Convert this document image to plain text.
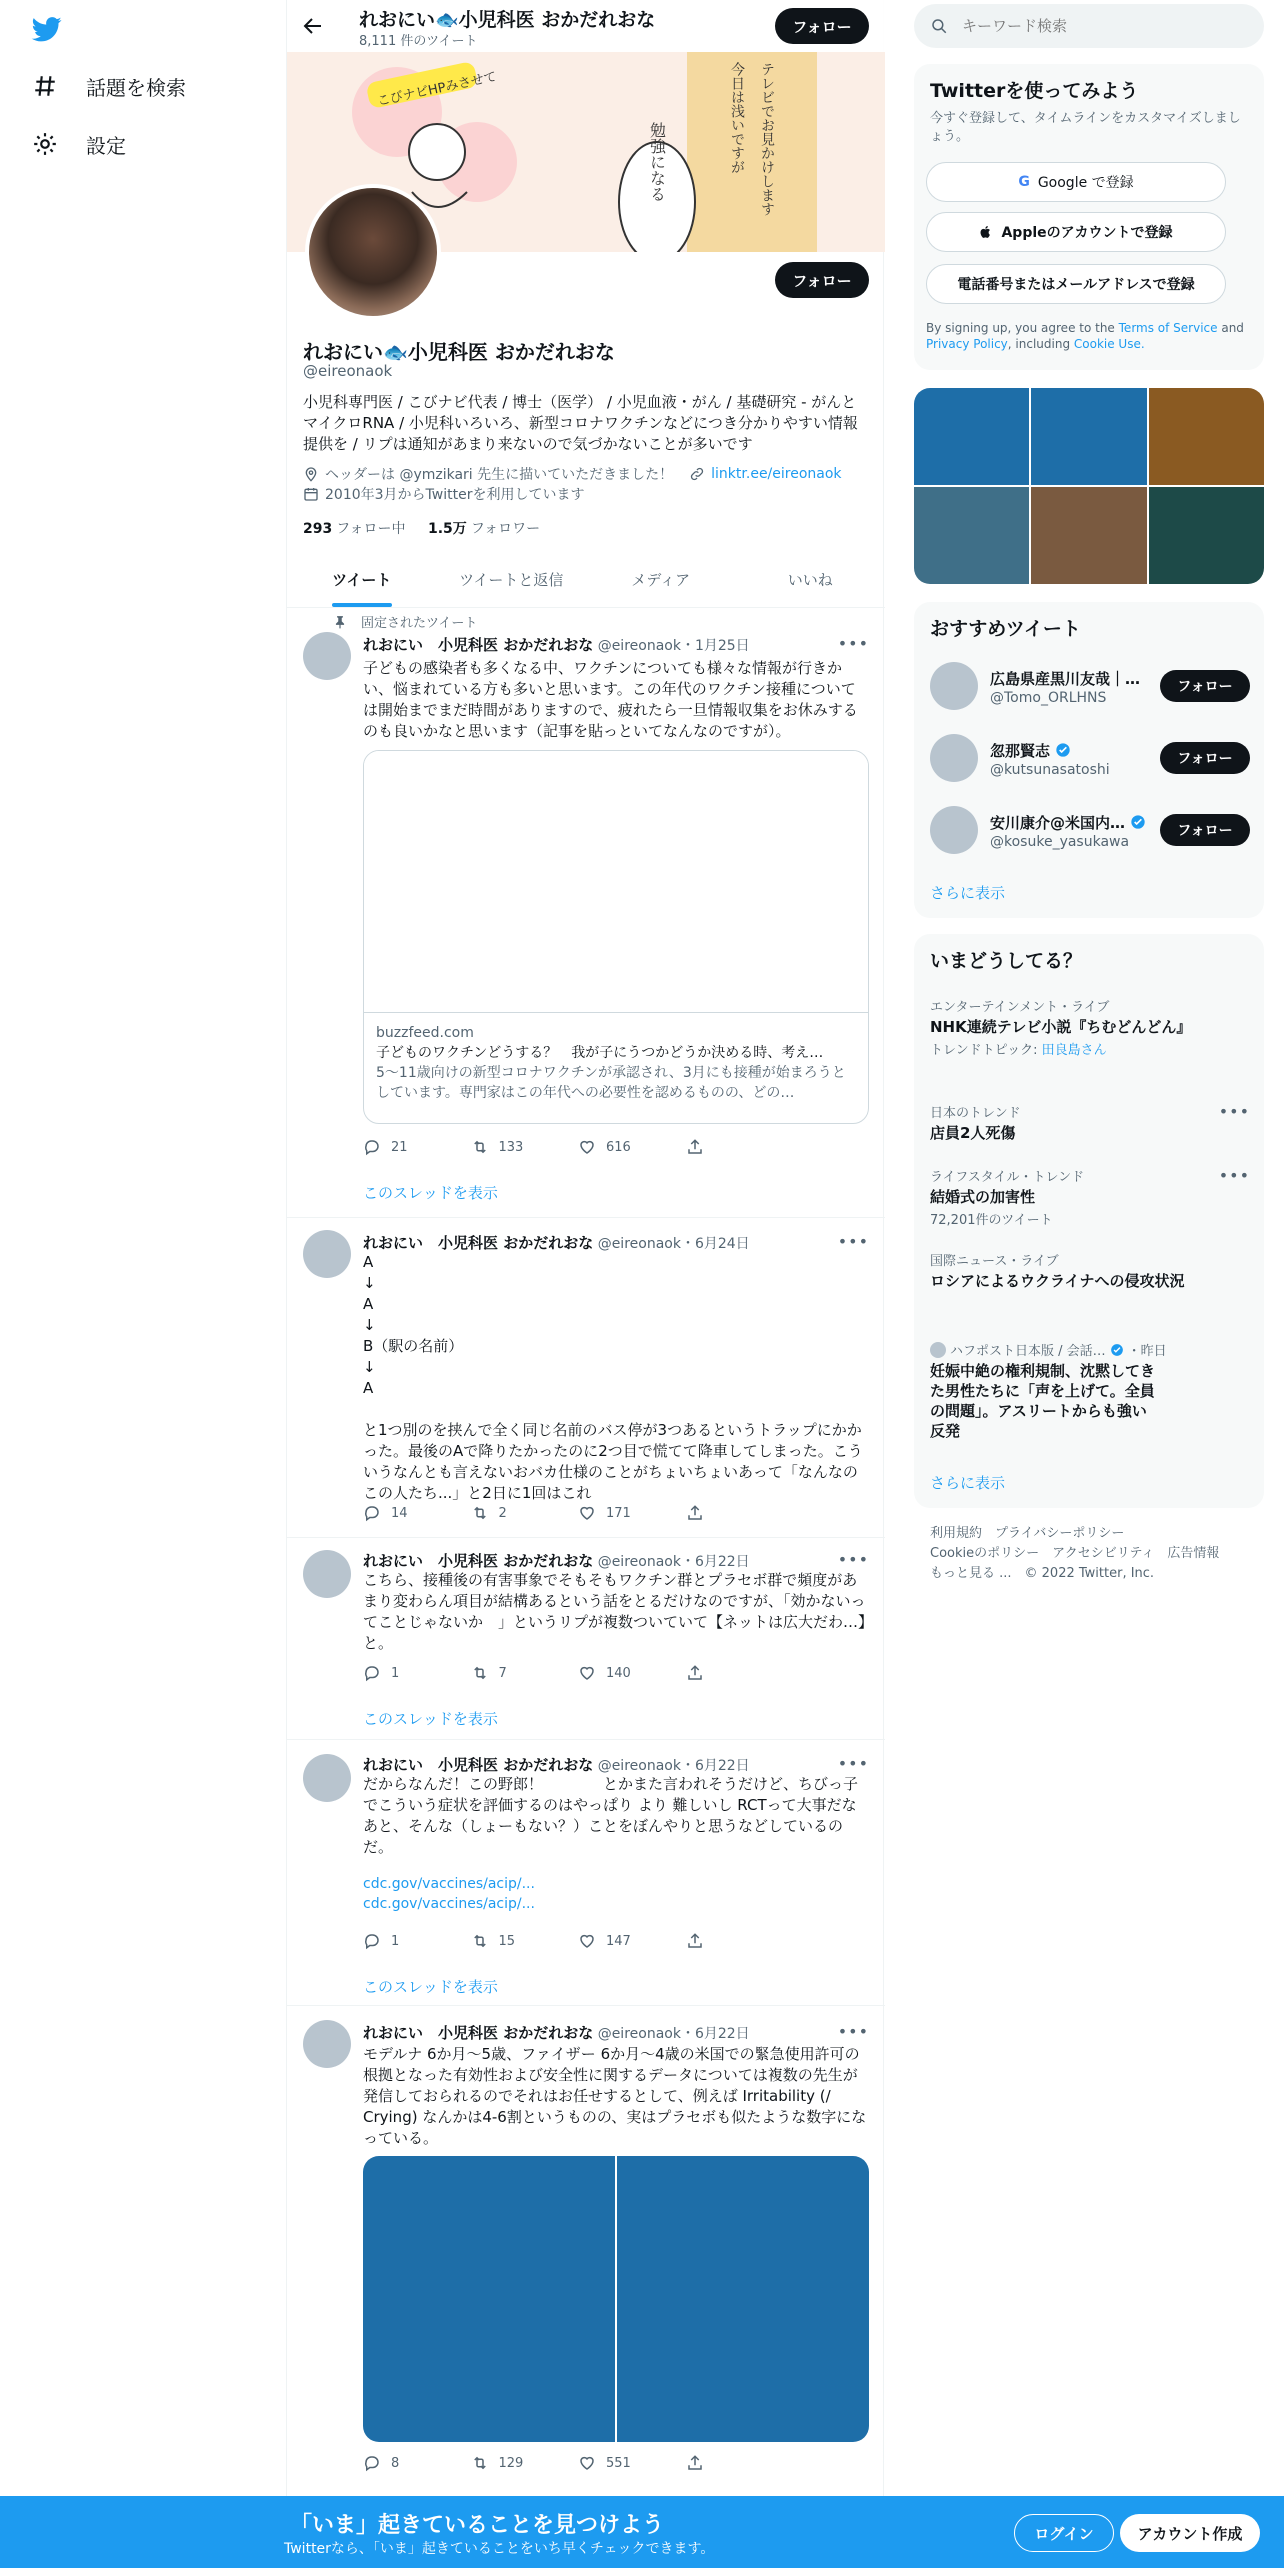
話題を検索
設定
れおにい🐟小児科医 おかだれおな
8,111 件のツイート
フォロー
勉強になる	今日は浅いですが テレビでお見かけします
こびナビHPみさせて
フォロー
れおにい🐟小児科医 おかだれおな
@eireonaok
小児科専門医 / こびナビ代表 / 博士（医学） / 小児血液・がん / 基礎研究 - がんとマイクロRNA / 小児科いろいろ、新型コロナワクチンなどにつき分かりやすい情報提供を / リプは通知があまり来ないので気づかないことが多いです
ヘッダーは @ymzikari 先生に描いていただきました！	linktr.ee/eireonaok
2010年3月からTwitterを利用しています
293 フォロー中 1.5万 フォロワー
ツイート	ツイートと返信	メディア	いいね
固定されたツイート
れおにい　小児科医 おかだれおな @eireonaok・1月25日	•••
子どもの感染者も多くなる中、ワクチンについても様々な情報が行きかい、悩まれている方も多いと思います。この年代のワクチン接種については開始までまだ時間がありますので、疲れたら一旦情報収集をお休みするのも良いかなと思います（記事を貼っといてなんなのですが）。
21	133	616
このスレッドを表示
buzzfeed.com
子どものワクチンどうする？　我が子にうつかどうか決める時、考え…
5〜11歳向けの新型コロナワクチンが承認され、3月にも接種が始まろうとしています。専門家はこの年代への必要性を認めるものの、どの…
れおにい　小児科医 おかだれおな @eireonaok・6月24日	•••
A
↓
A
↓
B（駅の名前）
↓
A

と1つ別のを挟んで全く同じ名前のバス停が3つあるというトラップにかかった。最後のAで降りたかったのに2つ目で慌てて降車してしまった。こういうなんとも言えないおバカ仕様のことがちょいちょいあって「なんなのこの人たち...」と2日に1回はこれ
14	2	171
れおにい　小児科医 おかだれおな @eireonaok・6月22日	•••
こちら、接種後の有害事象でそもそもワクチン群とプラセボ群で頻度があまり変わらん項目が結構あるという話をとるだけなのですが、「効かないってことじゃないか　」というリプが複数ついていて【ネットは広大だわ…】と。
1	7	140
このスレッドを表示
れおにい　小児科医 おかだれおな @eireonaok・6月22日	•••
だからなんだ！この野郎！　　　　とかまた言われそうだけど、ちびっ子でこういう症状を評価するのはやっぱり より 難しいし RCTって大事だなあと、そんな（しょーもない？）ことをぼんやりと思うなどしているのだ。
cdc.gov/vaccines/acip/...
cdc.gov/vaccines/acip/...
1	15	147
このスレッドを表示
れおにい　小児科医 おかだれおな @eireonaok・6月22日	•••
モデルナ 6か月〜5歳、ファイザー 6か月〜4歳の米国での緊急使用許可の根拠となった有効性および安全性に関するデータについては複数の先生が発信しておられるのでそれはお任せするとして、例えば Irritability (/ Crying) なんかは4-6割というものの、実はプラセボも似たような数字になっている。
8	129	551
キーワード検索
Twitterを使ってみよう
今すぐ登録して、タイムラインをカスタマイズしましょう。
G Google で登録
Appleのアカウントで登録
電話番号またはメールアドレスで登録
By signing up, you agree to the Terms of Service and Privacy Policy, including Cookie Use.
おすすめツイート
広島県産黒川友哉｜…
@Tomo_ORLHNS
フォロー
忽那賢志
@kutsunasatoshi
フォロー
安川康介@米国内…
@kosuke_yasukawa
フォロー
さらに表示
いまどうしてる？
エンターテインメント・ライブ
NHK連続テレビ小説『ちむどんどん』
トレンドトピック: 田良島さん
日本のトレンド
店員2人死傷
•••
ライフスタイル・トレンド
結婚式の加害性
72,201件のツイート
•••
国際ニュース・ライブ
ロシアによるウクライナへの侵攻状況
ハフポスト日本版 / 会話… ・昨日
妊娠中絶の権利規制、沈黙してきた男性たちに「声を上げて。全員の問題」。アスリートからも強い反発
さらに表示
利用規約　プライバシーポリシー
Cookieのポリシー　アクセシビリティ　広告情報
もっと見る ...　© 2022 Twitter, Inc.
「いま」起きていることを見つけよう
Twitterなら、「いま」起きていることをいち早くチェックできます。
ログイン	アカウント作成
